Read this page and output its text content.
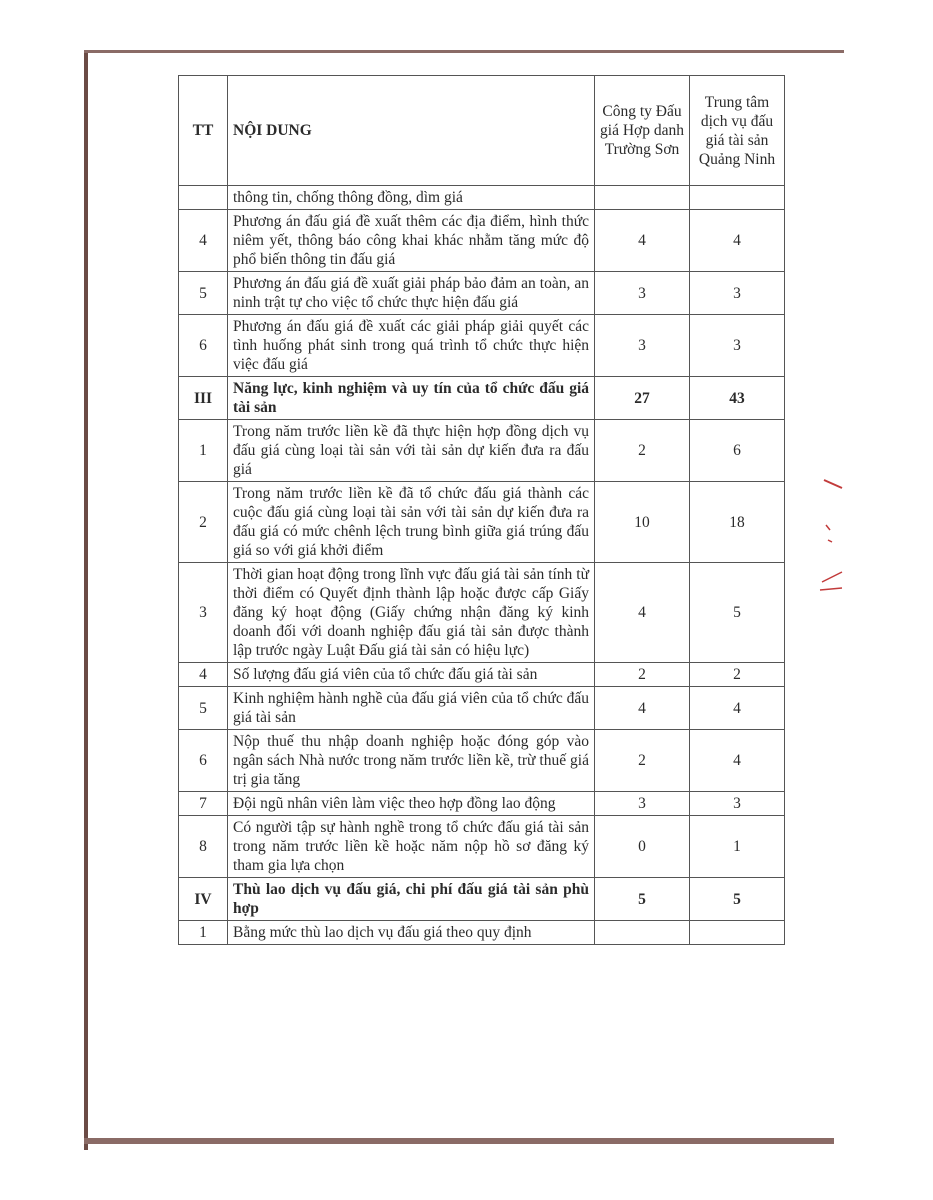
TT	NỘI DUNG	Công ty Đấu giá Hợp danh Trường Sơn	Trung tâm dịch vụ đấu giá tài sản Quảng Ninh
	thông tin, chống thông đồng, dìm giá		
4	Phương án đấu giá đề xuất thêm các địa điểm, hình thức niêm yết, thông báo công khai khác nhằm tăng mức độ phổ biến thông tin đấu giá	4	4
5	Phương án đấu giá đề xuất giải pháp bảo đảm an toàn, an ninh trật tự cho việc tổ chức thực hiện đấu giá	3	3
6	Phương án đấu giá đề xuất các giải pháp giải quyết các tình huống phát sinh trong quá trình tổ chức thực hiện việc đấu giá	3	3
III	Năng lực, kinh nghiệm và uy tín của tổ chức đấu giá tài sản	27	43
1	Trong năm trước liền kề đã thực hiện hợp đồng dịch vụ đấu giá cùng loại tài sản với tài sản dự kiến đưa ra đấu giá	2	6
2	Trong năm trước liền kề đã tổ chức đấu giá thành các cuộc đấu giá cùng loại tài sản với tài sản dự kiến đưa ra đấu giá có mức chênh lệch trung bình giữa giá trúng đấu giá so với giá khởi điểm	10	18
3	Thời gian hoạt động trong lĩnh vực đấu giá tài sản tính từ thời điểm có Quyết định thành lập hoặc được cấp Giấy đăng ký hoạt động (Giấy chứng nhận đăng ký kinh doanh đối với doanh nghiệp đấu giá tài sản được thành lập trước ngày Luật Đấu giá tài sản có hiệu lực)	4	5
4	Số lượng đấu giá viên của tổ chức đấu giá tài sản	2	2
5	Kinh nghiệm hành nghề của đấu giá viên của tổ chức đấu giá tài sản	4	4
6	Nộp thuế thu nhập doanh nghiệp hoặc đóng góp vào ngân sách Nhà nước trong năm trước liền kề, trừ thuế giá trị gia tăng	2	4
7	Đội ngũ nhân viên làm việc theo hợp đồng lao động	3	3
8	Có người tập sự hành nghề trong tổ chức đấu giá tài sản trong năm trước liền kề hoặc năm nộp hồ sơ đăng ký tham gia lựa chọn	0	1
IV	Thù lao dịch vụ đấu giá, chi phí đấu giá tài sản phù hợp	5	5
1	Bằng mức thù lao dịch vụ đấu giá theo quy định		
